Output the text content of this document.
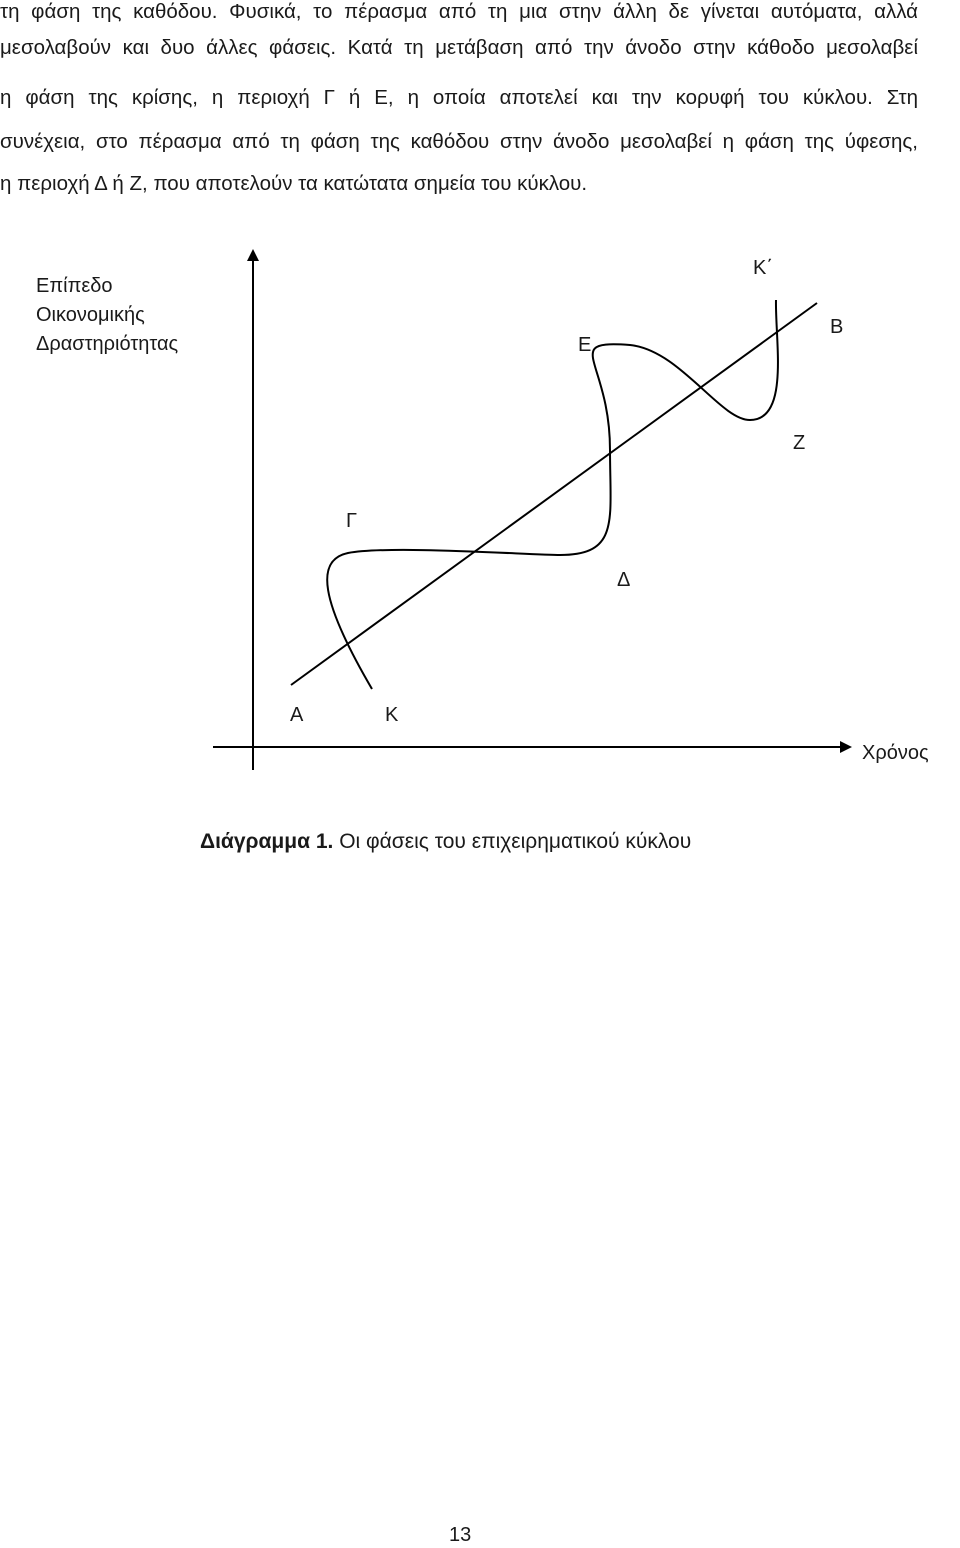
τη φάση της καθόδου. Φυσικά, το πέρασμα από τη μια στην άλλη δε γίνεται αυτόματα, αλλά
μεσολαβούν και δυο άλλες φάσεις. Κατά τη μετάβαση από την άνοδο στην κάθοδο μεσολαβεί
η φάση της κρίσης, η περιοχή Γ ή Ε, η οποία αποτελεί και την κορυφή του κύκλου. Στη
συνέχεια, στο πέρασμα από τη φάση της καθόδου στην άνοδο μεσολαβεί η φάση της ύφεσης,
η περιοχή Δ ή Ζ, που αποτελούν τα κατώτατα σημεία του κύκλου.
Επίπεδο
Οικονομικής
Δραστηριότητας
Χρόνος
Α	Κ
Γ
Δ
Ε
Ζ
Κ΄
Β
Διάγραμμα 1. Οι φάσεις του επιχειρηματικού κύκλου
13
